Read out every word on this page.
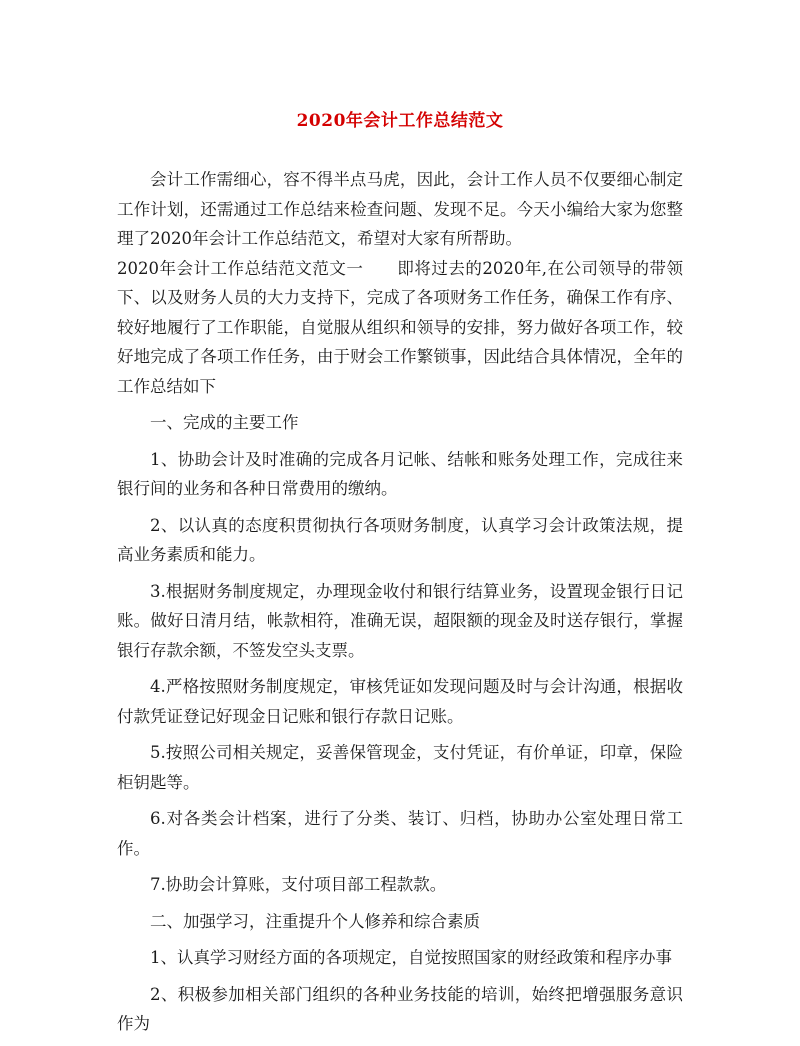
2020年会计工作总结范文

会计工作需细心，容不得半点马虎，因此，会计工作人员不仅要细心制定工作计划，还需通过工作总结来检查问题、发现不足。今天小编给大家为您整理了2020年会计工作总结范文，希望对大家有所帮助。

2020年会计工作总结范文范文一　　即将过去的2020年,在公司领导的带领下、以及财务人员的大力支持下，完成了各项财务工作任务，确保工作有序、较好地履行了工作职能，自觉服从组织和领导的安排，努力做好各项工作，较好地完成了各项工作任务，由于财会工作繁锁事，因此结合具体情况，全年的工作总结如下

一、完成的主要工作

1、协助会计及时准确的完成各月记帐、结帐和账务处理工作，完成往来银行间的业务和各种日常费用的缴纳。

2、以认真的态度积贯彻执行各项财务制度，认真学习会计政策法规，提高业务素质和能力。

3.根据财务制度规定，办理现金收付和银行结算业务，设置现金银行日记账。做好日清月结，帐款相符，准确无误，超限额的现金及时送存银行，掌握银行存款余额，不签发空头支票。

4.严格按照财务制度规定，审核凭证如发现问题及时与会计沟通，根据收付款凭证登记好现金日记账和银行存款日记账。

5.按照公司相关规定，妥善保管现金，支付凭证，有价单证，印章，保险柜钥匙等。

6.对各类会计档案，进行了分类、装订、归档，协助办公室处理日常工作。

7.协助会计算账，支付项目部工程款款。

二、加强学习，注重提升个人修养和综合素质

1、认真学习财经方面的各项规定，自觉按照国家的财经政策和程序办事

2、积极参加相关部门组织的各种业务技能的培训，始终把增强服务意识作为
